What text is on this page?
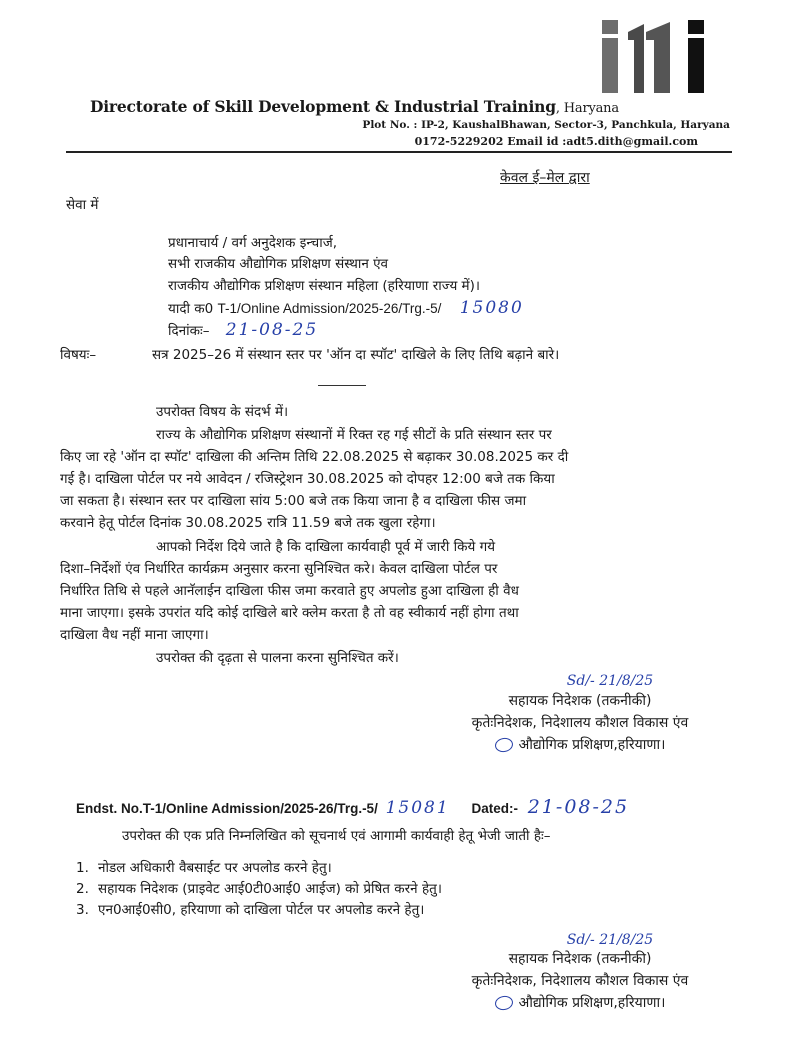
Directorate of Skill Development & Industrial Training, Haryana
Plot No. : IP-2, KaushalBhawan, Sector-3, Panchkula, Haryana
0172-5229202 Email id :adt5.dith@gmail.com
केवल ई–मेल द्वारा
सेवा में
प्रधानाचार्य / वर्ग अनुदेशक इन्चार्ज,
सभी राजकीय औद्योगिक प्रशिक्षण संस्थान एंव
राजकीय औद्योगिक प्रशिक्षण संस्थान महिला (हरियाणा राज्य में)।
यादी क0 T-1/Online Admission/2025-26/Trg.-5/ 15080
दिनांकः– 21-08-25
विषयः–	सत्र 2025–26 में संस्थान स्तर पर 'ऑन दा स्पॉट' दाखिले के लिए तिथि बढ़ाने बारे।
उपरोक्त विषय के संदर्भ में।
राज्य के औद्योगिक प्रशिक्षण संस्थानों में रिक्त रह गई सीटों के प्रति संस्थान स्तर पर
किए जा रहे 'ऑन दा स्पॉट' दाखिला की अन्तिम तिथि 22.08.2025 से बढ़ाकर 30.08.2025 कर दी
गई है। दाखिला पोर्टल पर नये आवेदन / रजिस्ट्रेशन 30.08.2025 को दोपहर 12:00 बजे तक किया
जा सकता है। संस्थान स्तर पर दाखिला सांय 5:00 बजे तक किया जाना है व दाखिला फीस जमा
करवाने हेतू पोर्टल दिनांक 30.08.2025 रात्रि 11.59 बजे तक खुला रहेगा।
आपको निर्देश दिये जाते है कि दाखिला कार्यवाही पूर्व में जारी किये गये
दिशा–निर्देशों एंव निर्धारित कार्यक्रम अनुसार करना सुनिश्चित करे। केवल दाखिला पोर्टल पर
निर्धारित तिथि से पहले आनॅलाईन दाखिला फीस जमा करवाते हुए अपलोड हुआ दाखिला ही वैध
माना जाएगा। इसके उपरांत यदि कोई दाखिले बारे क्लेम करता है तो वह स्वीकार्य नहीं होगा तथा
दाखिला वैध नहीं माना जाएगा।
उपरोक्त की दृढ़ता से पालना करना सुनिश्चित करें।
Sd/- 21/8/25
सहायक निदेशक (तकनीकी)
कृतेःनिदेशक, निदेशालय कौशल विकास एंव
औद्योगिक प्रशिक्षण,हरियाणा।
Endst. No.T-1/Online Admission/2025-26/Trg.-5/ 15081 Dated:- 21-08-25
उपरोक्त की एक प्रति निम्नलिखित को सूचनार्थ एवं आगामी कार्यवाही हेतू भेजी जाती हैः–
1. नोडल अधिकारी वैबसाईट पर अपलोड करने हेतु।
2. सहायक निदेशक (प्राइवेट आई0टी0आई0 आईज) को प्रेषित करने हेतु।
3. एन0आई0सी0, हरियाणा को दाखिला पोर्टल पर अपलोड करने हेतु।
Sd/- 21/8/25
सहायक निदेशक (तकनीकी)
कृतेःनिदेशक, निदेशालय कौशल विकास एंव
औद्योगिक प्रशिक्षण,हरियाणा।
